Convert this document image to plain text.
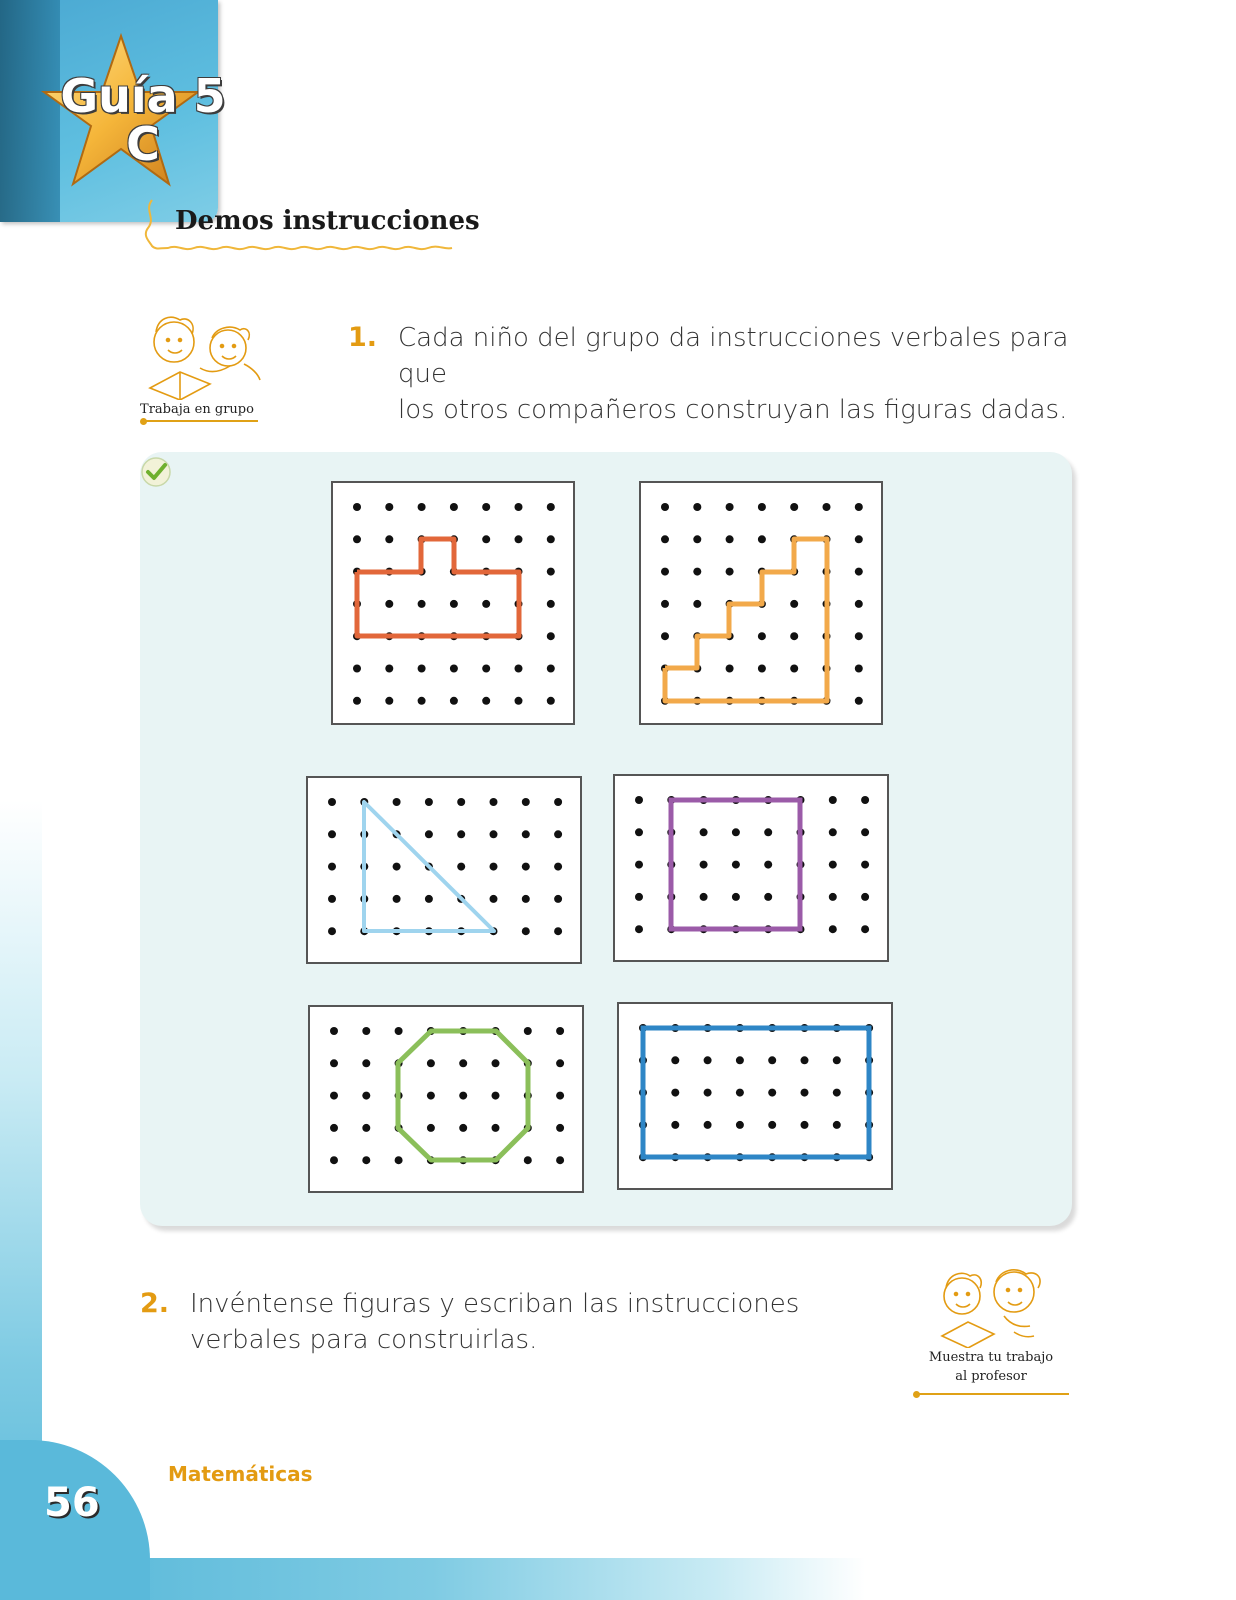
Guía 5
C
Demos instrucciones
Trabaja en grupo
1. Cada niño del grupo da instrucciones verbales para que
los otros compañeros construyan las figuras dadas.
2. Invéntense figuras y escriban las instrucciones
verbales para construirlas.
Muestra tu trabajo
al profesor
Matemáticas
56
